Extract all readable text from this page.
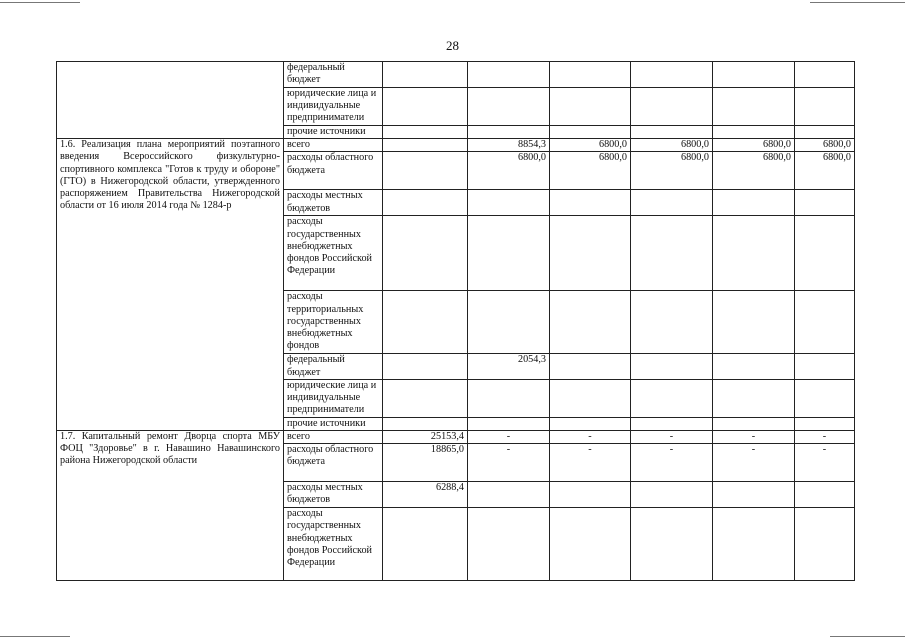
28
	федеральный бюджет						
	юридические лица и индивидуальные предприниматели						
	прочие источники						
1.6. Реализация плана мероприятий поэтапного введения Всероссийского физкультурно-спортивного комплекса "Готов к труду и обороне" (ГТО) в Нижегородской области, утвержденного распоряжением Правительства Нижегородской области от 16 июля 2014 года № 1284-р	всего		8854,3	6800,0	6800,0	6800,0	6800,0
	расходы областного бюджета		6800,0	6800,0	6800,0	6800,0	6800,0
	расходы местных бюджетов						
	расходы государственных внебюджетных фондов Российской Федерации						
	расходы территориальных государственных внебюджетных фондов						
	федеральный бюджет		2054,3				
	юридические лица и индивидуальные предприниматели						
	прочие источники						
1.7. Капитальный ремонт Дворца спорта МБУ ФОЦ "Здоровье" в г. Навашино Навашинского района Нижегородской области	всего	25153,4	-	-	-	-	-
	расходы областного бюджета	18865,0	-	-	-	-	-
	расходы местных бюджетов	6288,4					
	расходы государственных внебюджетных фондов Российской Федерации						
